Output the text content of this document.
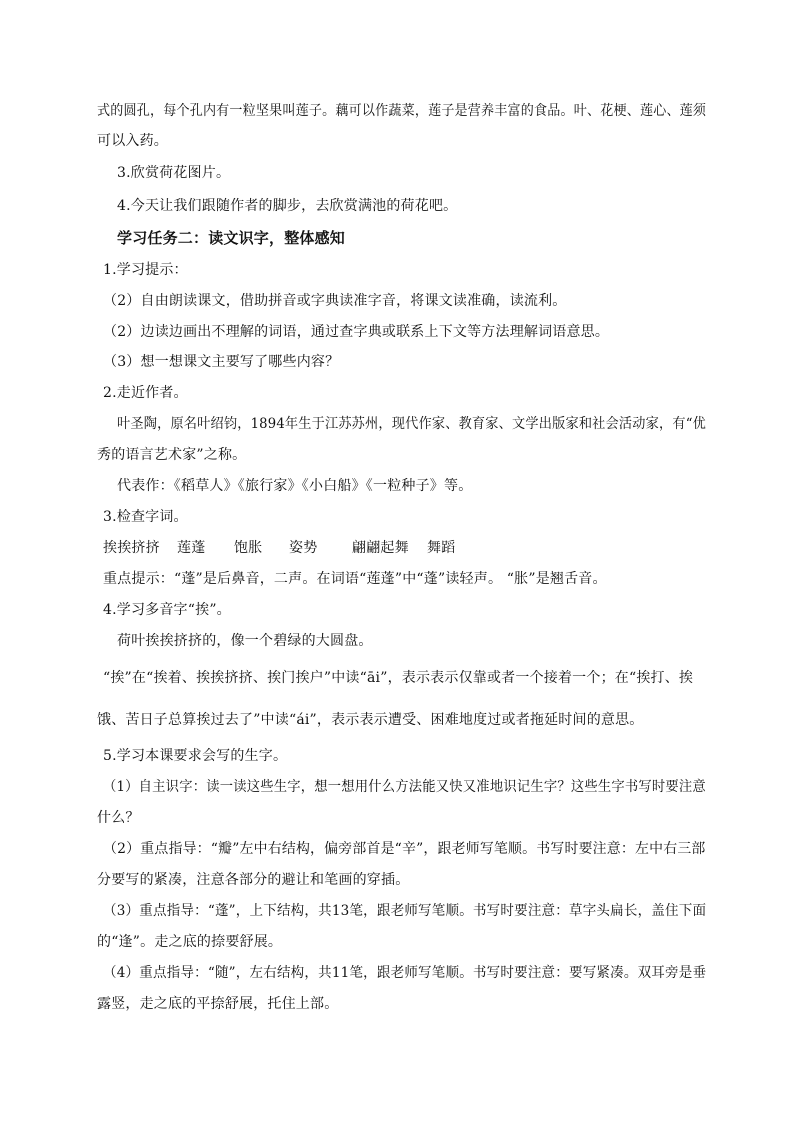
式的圆孔，每个孔内有一粒坚果叫莲子。藕可以作蔬菜，莲子是营养丰富的食品。叶、花梗、莲心、莲须
可以入药。
3.欣赏荷花图片。
4.今天让我们跟随作者的脚步，去欣赏满池的荷花吧。
学习任务二：读文识字，整体感知
1.学习提示：
（2）自由朗读课文，借助拼音或字典读准字音，将课文读准确，读流利。
（2）边读边画出不理解的词语，通过查字典或联系上下文等方法理解词语意思。
（3）想一想课文主要写了哪些内容？
2.走近作者。
叶圣陶，原名叶绍钧，1894年生于江苏苏州，现代作家、教育家、文学出版家和社会活动家，有“优
秀的语言艺术家”之称。
代表作：《稻草人》《旅行家》《小白船》《一粒种子》等。
3.检查字词。
挨挨挤挤 莲蓬 饱胀 姿势 翩翩起舞 舞蹈
重点提示：“蓬”是后鼻音，二声。在词语“莲蓬”中“蓬”读轻声。 “胀”是翘舌音。
4.学习多音字“挨”。
荷叶挨挨挤挤的，像一个碧绿的大圆盘。
“挨”在“挨着、挨挨挤挤、挨门挨户”中读“āi”，表示表示仅靠或者一个接着一个；在“挨打、挨
饿、苦日子总算挨过去了”中读“ái”，表示表示遭受、困难地度过或者拖延时间的意思。
5.学习本课要求会写的生字。
（1）自主识字：读一读这些生字，想一想用什么方法能又快又准地识记生字？这些生字书写时要注意
什么？
（2）重点指导：“瓣”左中右结构，偏旁部首是“辛”，跟老师写笔顺。书写时要注意：左中右三部
分要写的紧凑，注意各部分的避让和笔画的穿插。
（3）重点指导：“蓬”，上下结构，共13笔，跟老师写笔顺。书写时要注意：草字头扁长，盖住下面
的“逢”。走之底的捺要舒展。
（4）重点指导：“随”，左右结构，共11笔，跟老师写笔顺。书写时要注意：要写紧凑。双耳旁是垂
露竖，走之底的平捺舒展，托住上部。
